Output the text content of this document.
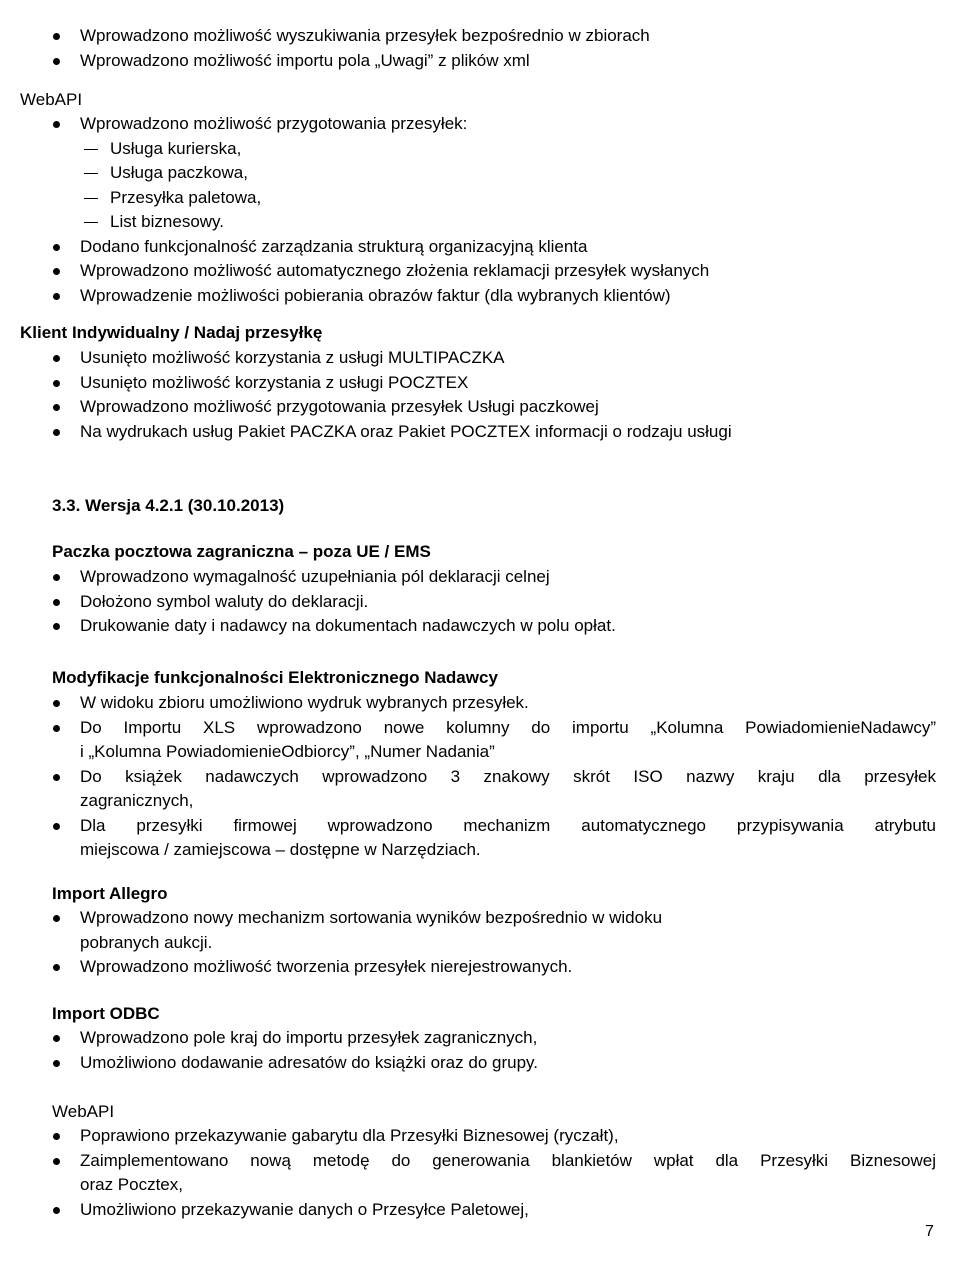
Wprowadzono możliwość wyszukiwania przesyłek bezpośrednio w zbiorach
Wprowadzono możliwość importu pola „Uwagi” z plików xml
WebAPI
Wprowadzono możliwość przygotowania przesyłek:
Usługa kurierska,
Usługa paczkowa,
Przesyłka paletowa,
List biznesowy.
Dodano funkcjonalność zarządzania strukturą organizacyjną klienta
Wprowadzono możliwość automatycznego złożenia reklamacji przesyłek wysłanych
Wprowadzenie możliwości pobierania obrazów faktur (dla wybranych klientów)
Klient Indywidualny / Nadaj przesyłkę
Usunięto możliwość korzystania z usługi MULTIPACZKA
Usunięto możliwość korzystania z usługi POCZTEX
Wprowadzono możliwość przygotowania przesyłek Usługi paczkowej
Na wydrukach usług Pakiet PACZKA oraz Pakiet POCZTEX informacji o rodzaju usługi
3.3. Wersja 4.2.1 (30.10.2013)
Paczka pocztowa zagraniczna – poza UE / EMS
Wprowadzono wymagalność uzupełniania pól deklaracji celnej
Dołożono symbol waluty do deklaracji.
Drukowanie daty i nadawcy na dokumentach nadawczych w polu opłat.
Modyfikacje funkcjonalności Elektronicznego Nadawcy
W widoku zbioru umożliwiono wydruk wybranych przesyłek.
Do Importu XLS wprowadzono nowe kolumny do importu „Kolumna PowiadomienieNadawcy”
i „Kolumna PowiadomienieOdbiorcy”, „Numer Nadania”
Do książek nadawczych wprowadzono 3 znakowy skrót ISO nazwy kraju dla przesyłek
zagranicznych,
Dla przesyłki firmowej wprowadzono mechanizm automatycznego przypisywania atrybutu
miejscowa / zamiejscowa – dostępne w Narzędziach.
Import Allegro
Wprowadzono nowy mechanizm sortowania wyników bezpośrednio w widoku
pobranych aukcji.
Wprowadzono możliwość tworzenia przesyłek nierejestrowanych.
Import ODBC
Wprowadzono pole kraj do importu przesyłek zagranicznych,
Umożliwiono dodawanie adresatów do książki oraz do grupy.
WebAPI
Poprawiono przekazywanie gabarytu dla Przesyłki Biznesowej (ryczałt),
Zaimplementowano nową metodę do generowania blankietów wpłat dla Przesyłki Biznesowej
oraz Pocztex,
Umożliwiono przekazywanie danych o Przesyłce Paletowej,
7
